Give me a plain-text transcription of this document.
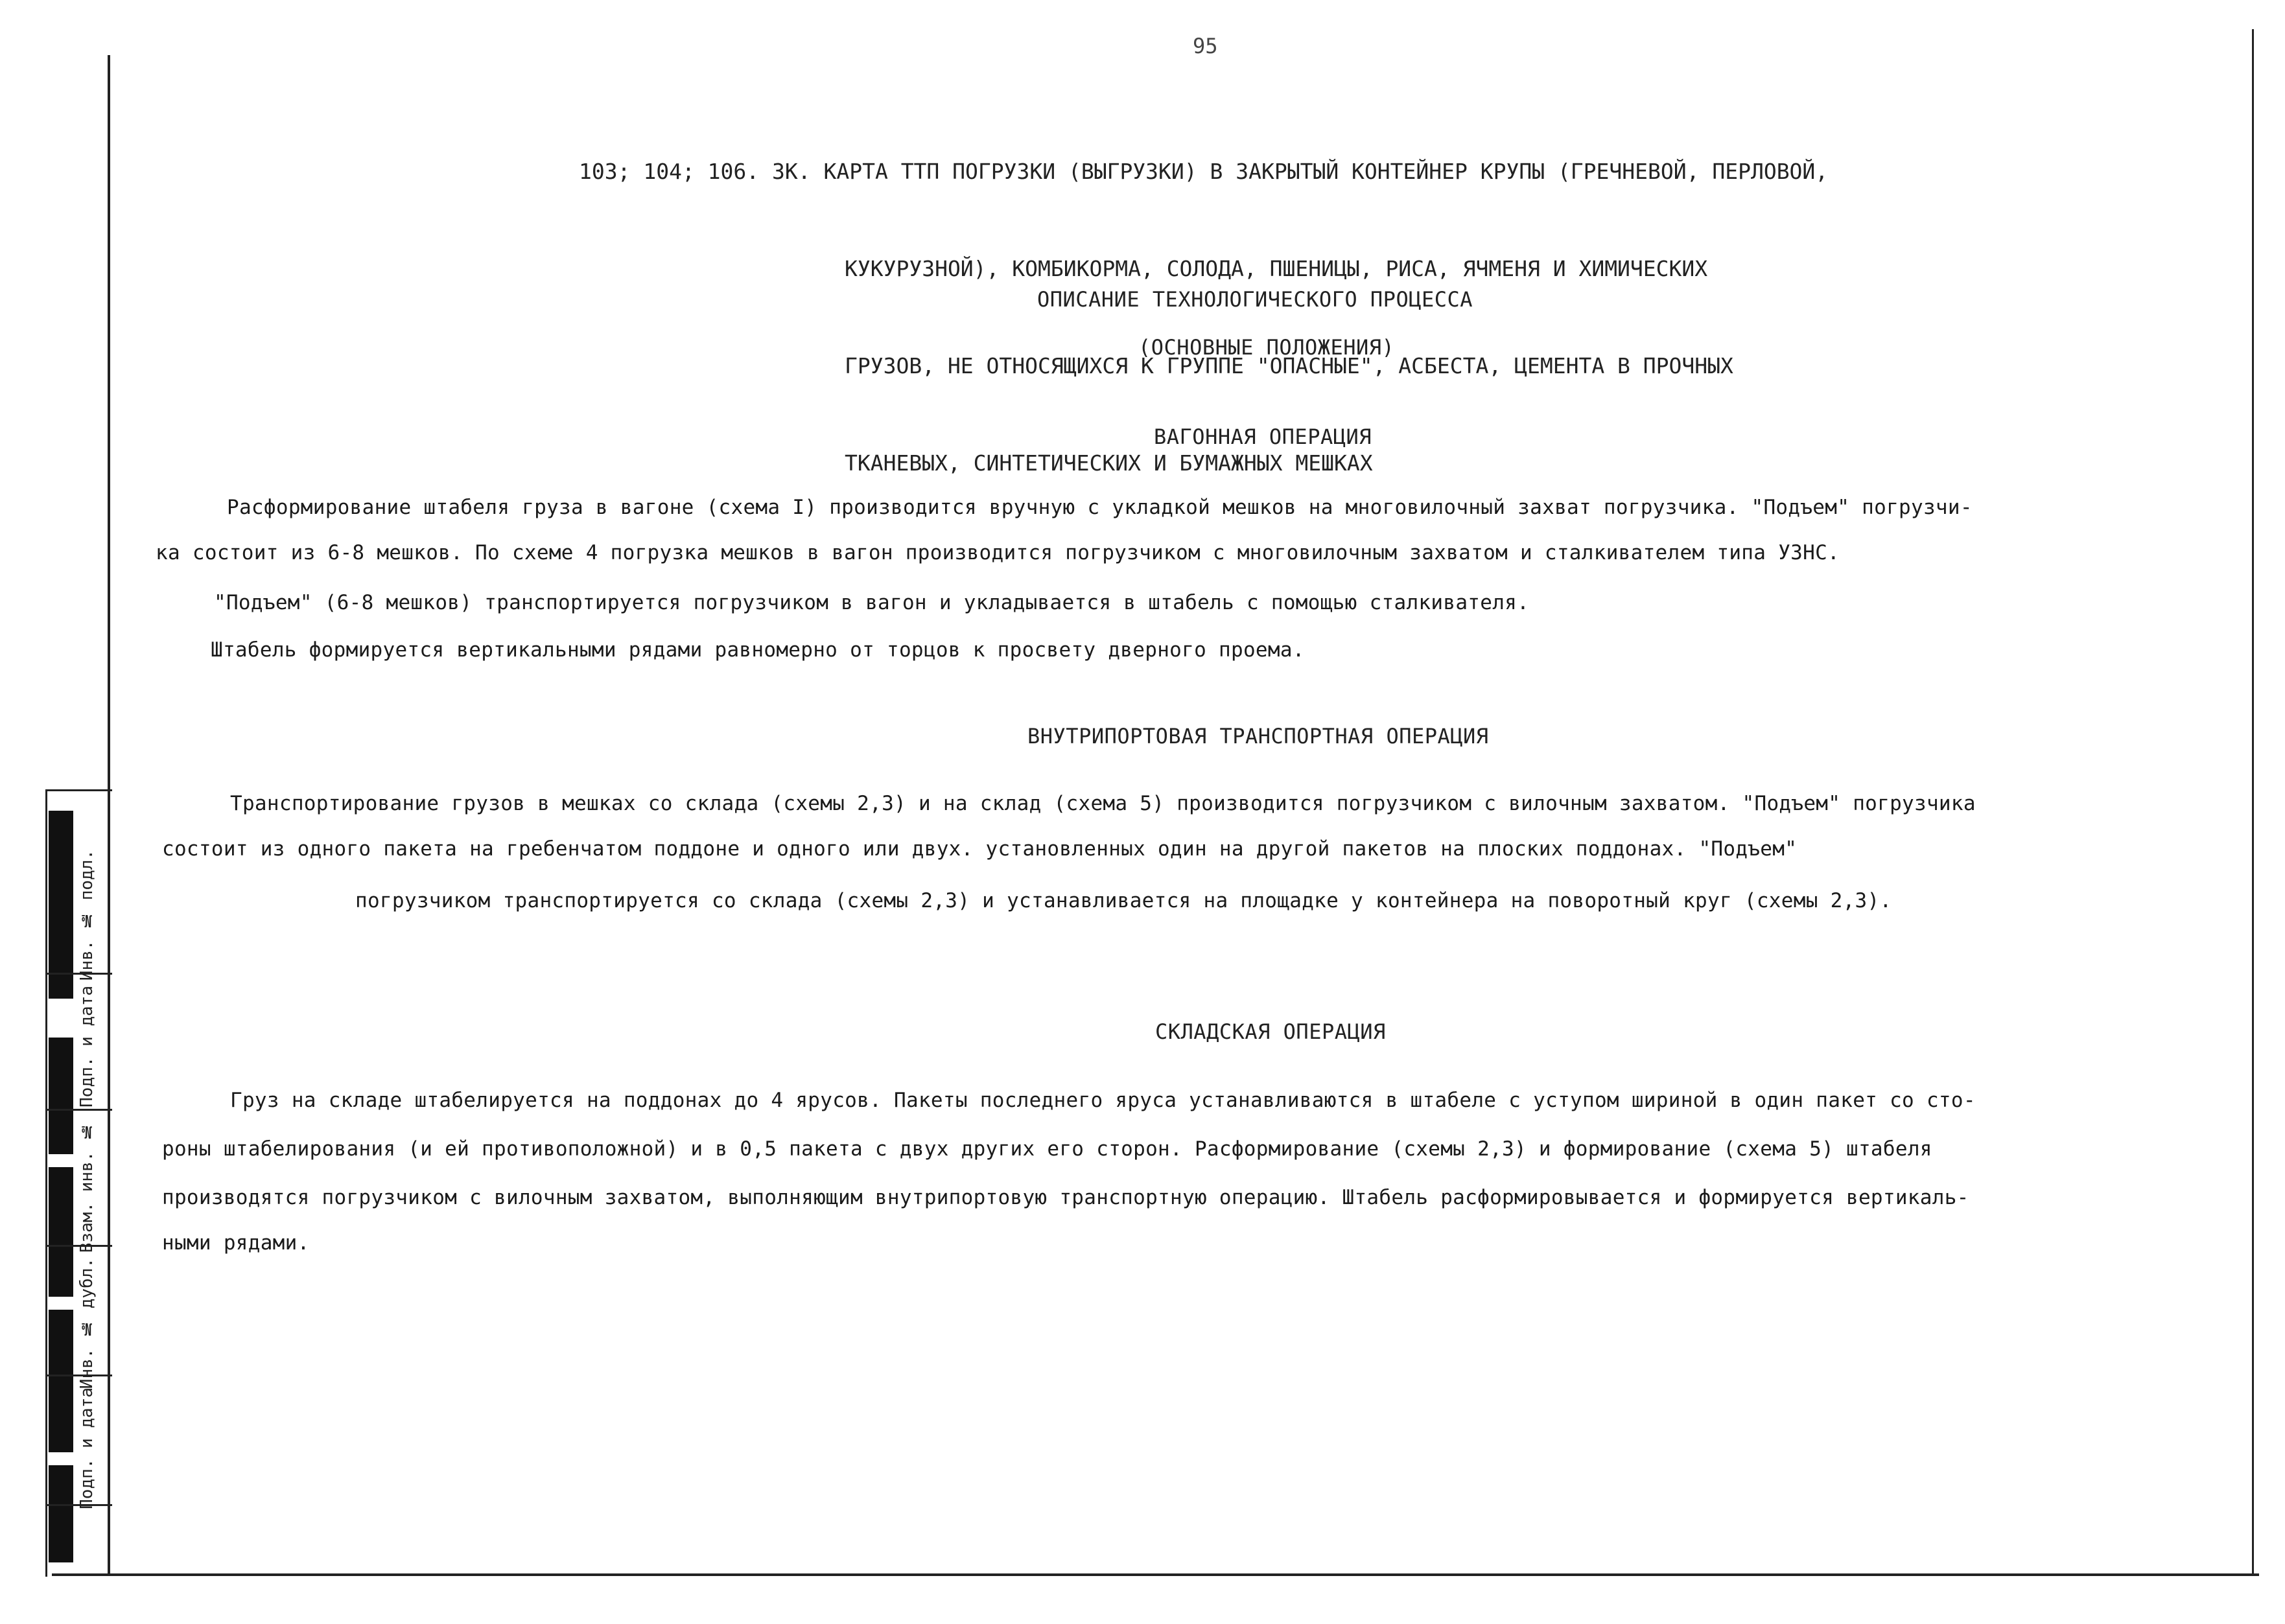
Инв. № подл.
Подп. и дата
Взам. инв. №
Инв. № дубл.
Подп. и дата
95

103; 104; 106. ЗК. КАРТА ТТП ПОГРУЗКИ (ВЫГРУЗКИ) В ЗАКРЫТЫЙ КОНТЕЙНЕР КРУПЫ (ГРЕЧНЕВОЙ, ПЕРЛОВОЙ,

КУКУРУЗНОЙ), КОМБИКОРМА, СОЛОДА, ПШЕНИЦЫ, РИСА, ЯЧМЕНЯ И ХИМИЧЕСКИХ

ГРУЗОВ, НЕ ОТНОСЯЩИХСЯ К ГРУППЕ "ОПАСНЫЕ", АСБЕСТА, ЦЕМЕНТА В ПРОЧНЫХ

ТКАНЕВЫХ, СИНТЕТИЧЕСКИХ И БУМАЖНЫХ МЕШКАХ

ОПИСАНИЕ ТЕХНОЛОГИЧЕСКОГО ПРОЦЕССА
(ОСНОВНЫЕ ПОЛОЖЕНИЯ)
ВАГОННАЯ ОПЕРАЦИЯ
Расформирование штабеля груза в вагоне (схема I) производится вручную с укладкой мешков на многовилочный захват погрузчика. "Подъем" погрузчи-
ка состоит из 6-8 мешков. По схеме 4 погрузка мешков в вагон производится погрузчиком с многовилочным захватом и сталкивателем типа УЗНС.
"Подъем" (6-8 мешков) транспортируется погрузчиком в вагон и укладывается в штабель с помощью сталкивателя.
Штабель формируется вертикальными рядами равномерно от торцов к просвету дверного проема.
ВНУТРИПОРТОВАЯ ТРАНСПОРТНАЯ ОПЕРАЦИЯ
Транспортирование грузов в мешках со склада (схемы 2,3) и на склад (схема 5) производится погрузчиком с вилочным захватом. "Подъем" погрузчика
состоит из одного пакета на гребенчатом поддоне и одного или двух. установленных один на другой пакетов на плоских поддонах. "Подъем"
погрузчиком транспортируется со склада (схемы 2,3) и устанавливается на площадке у контейнера на поворотный круг (схемы 2,3).
СКЛАДСКАЯ ОПЕРАЦИЯ
Груз на складе штабелируется на поддонах до 4 ярусов. Пакеты последнего яруса устанавливаются в штабеле с уступом шириной в один пакет со сто-
роны штабелирования (и ей противоположной) и в 0,5 пакета с двух других его сторон. Расформирование (схемы 2,3) и формирование (схема 5) штабеля
производятся погрузчиком с вилочным захватом, выполняющим внутрипортовую транспортную операцию. Штабель расформировывается и формируется вертикаль-
ными рядами.
